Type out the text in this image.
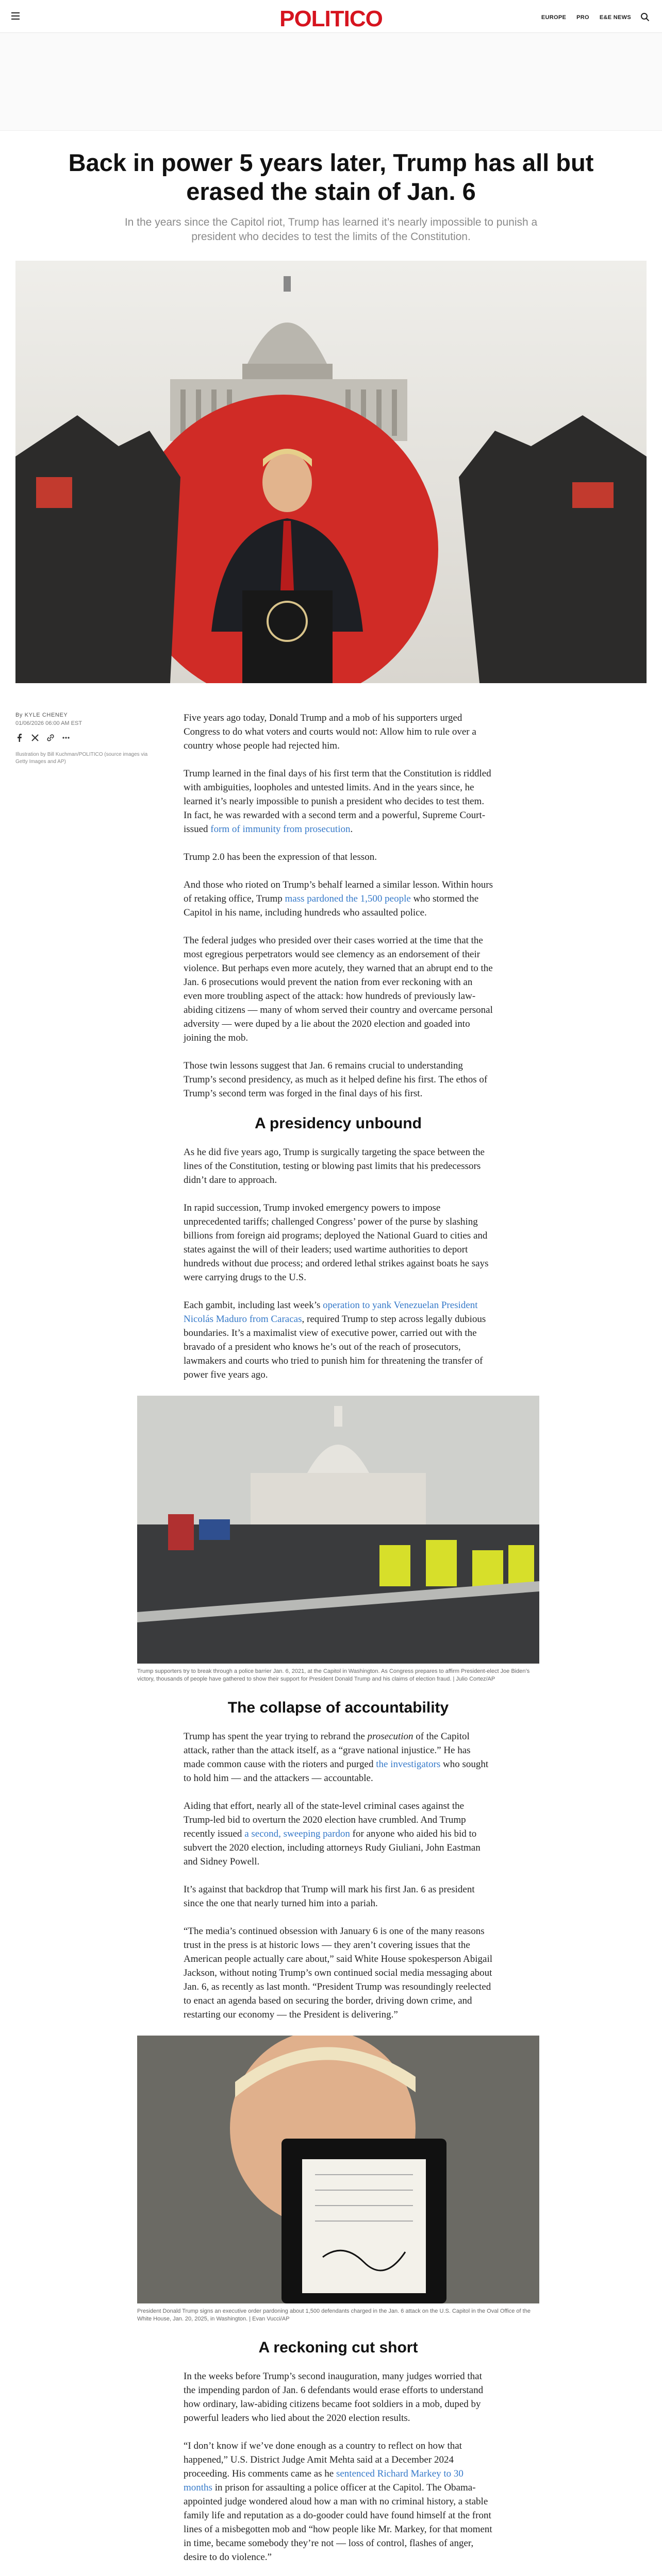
POLITICO	EUROPE PRO E&E NEWS
Back in power 5 years later, Trump has all but erased the stain of Jan. 6

In the years since the Capitol riot, Trump has learned it’s nearly impossible to punish a president who decides to test the limits of the Constitution.

By KYLE CHENEY
01/06/2026 06:00 AM EST
Illustration by Bill Kuchman/POLITICO (source images via Getty Images and AP)

Five years ago today, Donald Trump and a mob of his supporters urged Congress to do what voters and courts would not: Allow him to rule over a country whose people had rejected him.

Trump learned in the final days of his first term that the Constitution is riddled with ambiguities, loopholes and untested limits. And in the years since, he learned it’s nearly impossible to punish a president who decides to test them. In fact, he was rewarded with a second term and a powerful, Supreme Court-issued form of immunity from prosecution.

Trump 2.0 has been the expression of that lesson.

And those who rioted on Trump’s behalf learned a similar lesson. Within hours of retaking office, Trump mass pardoned the 1,500 people who stormed the Capitol in his name, including hundreds who assaulted police.

The federal judges who presided over their cases worried at the time that the most egregious perpetrators would see clemency as an endorsement of their violence. But perhaps even more acutely, they warned that an abrupt end to the Jan. 6 prosecutions would prevent the nation from ever reckoning with an even more troubling aspect of the attack: how hundreds of previously law-abiding citizens — many of whom served their country and overcame personal adversity — were duped by a lie about the 2020 election and goaded into joining the mob.

Those twin lessons suggest that Jan. 6 remains crucial to understanding Trump’s second presidency, as much as it helped define his first. The ethos of Trump’s second term was forged in the final days of his first.

A presidency unbound

As he did five years ago, Trump is surgically targeting the space between the lines of the Constitution, testing or blowing past limits that his predecessors didn’t dare to approach.

In rapid succession, Trump invoked emergency powers to impose unprecedented tariffs; challenged Congress’ power of the purse by slashing billions from foreign aid programs; deployed the National Guard to cities and states against the will of their leaders; used wartime authorities to deport hundreds without due process; and ordered lethal strikes against boats he says were carrying drugs to the U.S.

Each gambit, including last week’s operation to yank Venezuelan President Nicolás Maduro from Caracas, required Trump to step across legally dubious boundaries. It’s a maximalist view of executive power, carried out with the bravado of a president who knows he’s out of the reach of prosecutors, lawmakers and courts who tried to punish him for threatening the transfer of power five years ago.

Trump supporters try to break through a police barrier Jan. 6, 2021, at the Capitol in Washington. As Congress prepares to affirm President-elect Joe Biden’s victory, thousands of people have gathered to show their support for President Donald Trump and his claims of election fraud. | Julio Cortez/AP
The collapse of accountability

Trump has spent the year trying to rebrand the prosecution of the Capitol attack, rather than the attack itself, as a “grave national injustice.” He has made common cause with the rioters and purged the investigators who sought to hold him — and the attackers — accountable.

Aiding that effort, nearly all of the state-level criminal cases against the Trump-led bid to overturn the 2020 election have crumbled. And Trump recently issued a second, sweeping pardon for anyone who aided his bid to subvert the 2020 election, including attorneys Rudy Giuliani, John Eastman and Sidney Powell.

It’s against that backdrop that Trump will mark his first Jan. 6 as president since the one that nearly turned him into a pariah.

“The media’s continued obsession with January 6 is one of the many reasons trust in the press is at historic lows — they aren’t covering issues that the American people actually care about,” said White House spokesperson Abigail Jackson, without noting Trump’s own continued social media messaging about Jan. 6, as recently as last month. “President Trump was resoundingly reelected to enact an agenda based on securing the border, driving down crime, and restarting our economy — the President is delivering.”

President Donald Trump signs an executive order pardoning about 1,500 defendants charged in the Jan. 6 attack on the U.S. Capitol in the Oval Office of the White House, Jan. 20, 2025, in Washington. | Evan Vucci/AP
A reckoning cut short

In the weeks before Trump’s second inauguration, many judges worried that the impending pardon of Jan. 6 defendants would erase efforts to understand how ordinary, law-abiding citizens became foot soldiers in a mob, duped by powerful leaders who lied about the 2020 election results.

“I don’t know if we’ve done enough as a country to reflect on how that happened,” U.S. District Judge Amit Mehta said at a December 2024 proceeding. His comments came as he sentenced Richard Markey to 30 months in prison for assaulting a police officer at the Capitol. The Obama-appointed judge wondered aloud how a man with no criminal history, a stable family life and reputation as a do-gooder could have found himself at the front lines of a misbegotten mob and “how people like Mr. Markey, for that moment in time, became somebody they’re not — loss of control, flashes of anger, desire to do violence.”
